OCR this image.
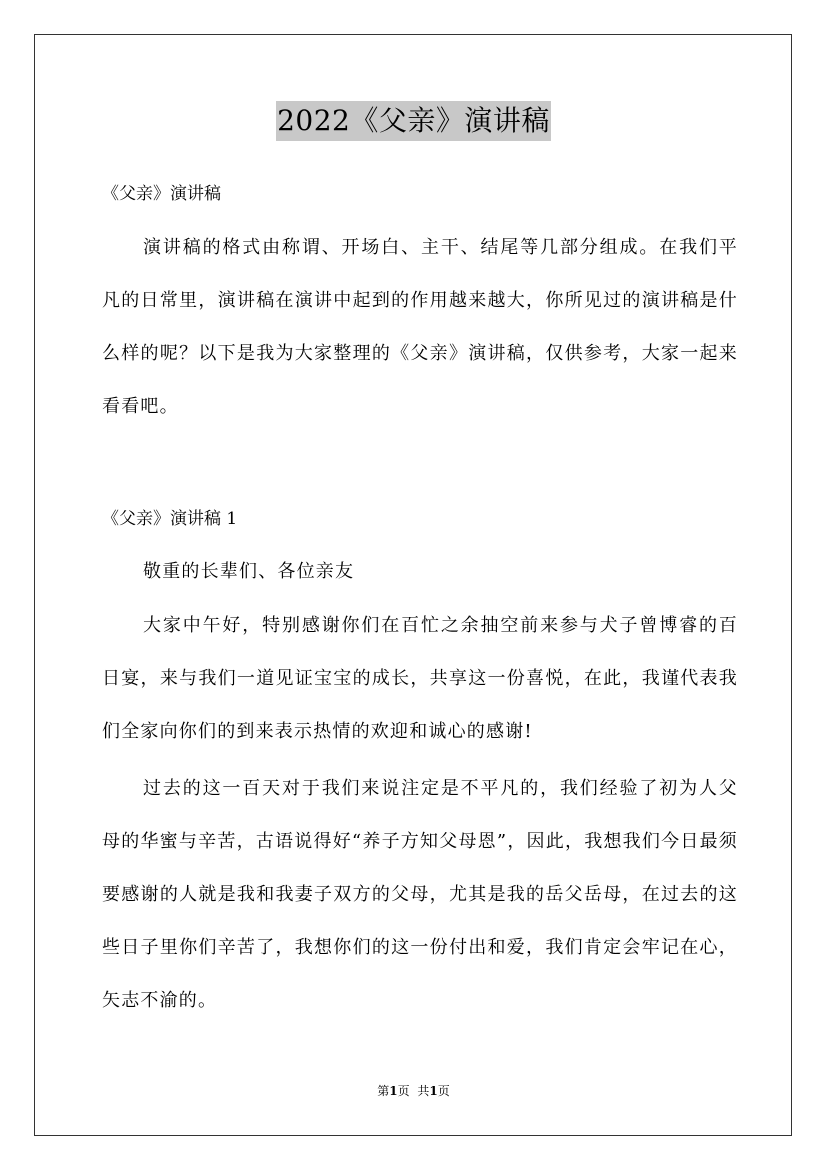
2022《父亲》演讲稿
《父亲》演讲稿

演讲稿的格式由称谓、开场白、主干、结尾等几部分组成。在我们平凡的日常里，演讲稿在演讲中起到的作用越来越大，你所见过的演讲稿是什么样的呢？以下是我为大家整理的《父亲》演讲稿，仅供参考，大家一起来看看吧。

《父亲》演讲稿 1
敬重的长辈们、各位亲友

大家中午好，特别感谢你们在百忙之余抽空前来参与犬子曾博睿的百日宴，来与我们一道见证宝宝的成长，共享这一份喜悦，在此，我谨代表我们全家向你们的到来表示热情的欢迎和诚心的感谢!

过去的这一百天对于我们来说注定是不平凡的，我们经验了初为人父母的华蜜与辛苦，古语说得好“养子方知父母恩”，因此，我想我们今日最须要感谢的人就是我和我妻子双方的父母，尤其是我的岳父岳母，在过去的这些日子里你们辛苦了，我想你们的这一份付出和爱，我们肯定会牢记在心，矢志不渝的。

第1页 共1页
